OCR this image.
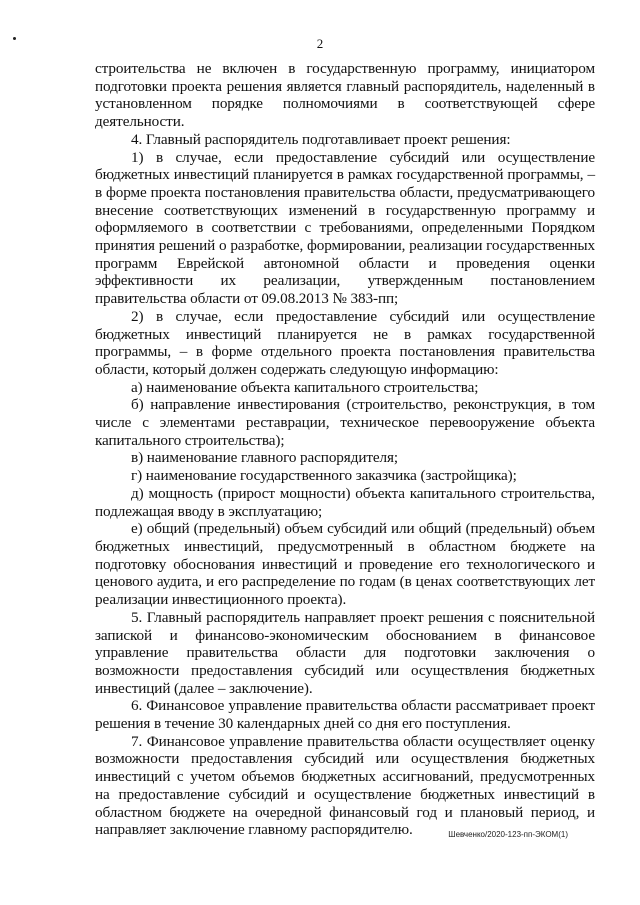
2

строительства не включен в государственную программу, инициатором подготовки проекта решения является главный распорядитель, наделенный в установленном порядке полномочиями в соответствующей сфере деятельности.

4. Главный распорядитель подготавливает проект решения:

1) в случае, если предоставление субсидий или осуществление бюджетных инвестиций планируется в рамках государственной программы, – в форме проекта постановления правительства области, предусматривающего внесение соответствующих изменений в государственную программу и оформляемого в соответствии с требованиями, определенными Порядком принятия решений о разработке, формировании, реализации государственных программ Еврейской автономной области и проведения оценки эффективности их реализации, утвержденным постановлением правительства области от 09.08.2013 № 383-пп;

2) в случае, если предоставление субсидий или осуществление бюджетных инвестиций планируется не в рамках государственной программы, – в форме отдельного проекта постановления правительства области, который должен содержать следующую информацию:

а) наименование объекта капитального строительства;

б) направление инвестирования (строительство, реконструкция, в том числе с элементами реставрации, техническое перевооружение объекта капитального строительства);

в) наименование главного распорядителя;

г) наименование государственного заказчика (застройщика);

д) мощность (прирост мощности) объекта капитального строительства, подлежащая вводу в эксплуатацию;

е) общий (предельный) объем субсидий или общий (предельный) объем бюджетных инвестиций, предусмотренный в областном бюджете на подготовку обоснования инвестиций и проведение его технологического и ценового аудита, и его распределение по годам (в ценах соответствующих лет реализации инвестиционного проекта).

5. Главный распорядитель направляет проект решения с пояснительной запиской и финансово-экономическим обоснованием в финансовое управление правительства области для подготовки заключения о возможности предоставления субсидий или осуществления бюджетных инвестиций (далее – заключение).

6. Финансовое управление правительства области рассматривает проект решения в течение 30 календарных дней со дня его поступления.

7. Финансовое управление правительства области осуществляет оценку возможности предоставления субсидий или осуществления бюджетных инвестиций с учетом объемов бюджетных ассигнований, предусмотренных на предоставление субсидий и осуществление бюджетных инвестиций в областном бюджете на очередной финансовый год и плановый период, и направляет заключение главному распорядителю.	Шевченко/2020-123-пп-ЭКОМ(1)
